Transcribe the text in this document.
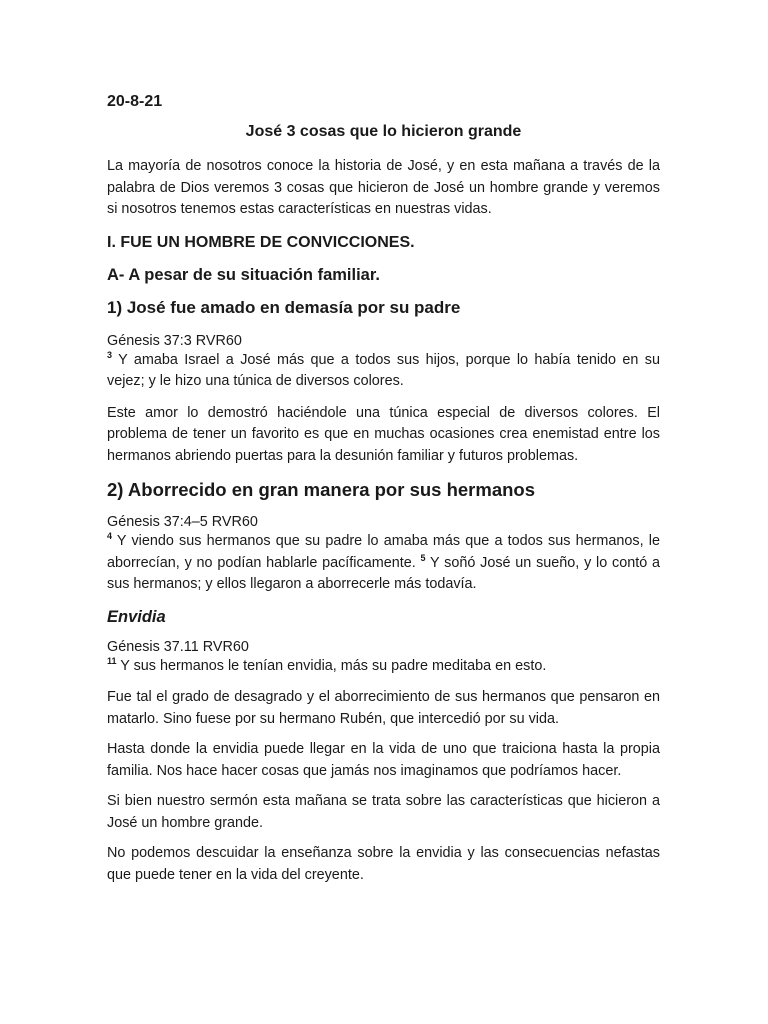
20-8-21
José 3 cosas que lo hicieron grande

La mayoría de nosotros conoce la historia de José, y en esta mañana a través de la palabra de Dios veremos 3 cosas que hicieron de José un hombre grande y veremos si nosotros tenemos estas características en nuestras vidas.

I. FUE UN HOMBRE DE CONVICCIONES.
A- A pesar de su situación familiar.
1) José fue amado en demasía por su padre

Génesis 37:3 RVR60

$^3$ Y amaba Israel a José más que a todos sus hijos, porque lo había tenido en su vejez; y le hizo una túnica de diversos colores.

Este amor lo demostró haciéndole una túnica especial de diversos colores. El problema de tener un favorito es que en muchas ocasiones crea enemistad entre los hermanos abriendo puertas para la desunión familiar y futuros problemas.

2) Aborrecido en gran manera por sus hermanos

Génesis 37:4–5 RVR60

$^4$ Y viendo sus hermanos que su padre lo amaba más que a todos sus hermanos, le aborrecían, y no podían hablarle pacíficamente. $^5$ Y soñó José un sueño, y lo contó a sus hermanos; y ellos llegaron a aborrecerle más todavía.

Envidia

Génesis 37.11 RVR60

$^{11}$ Y sus hermanos le tenían envidia, más su padre meditaba en esto.

Fue tal el grado de desagrado y el aborrecimiento de sus hermanos que pensaron en matarlo. Sino fuese por su hermano Rubén, que intercedió por su vida.

Hasta donde la envidia puede llegar en la vida de uno que traiciona hasta la propia familia. Nos hace hacer cosas que jamás nos imaginamos que podríamos hacer.

Si bien nuestro sermón esta mañana se trata sobre las características que hicieron a José un hombre grande.

No podemos descuidar la enseñanza sobre la envidia y las consecuencias nefastas que puede tener en la vida del creyente.
